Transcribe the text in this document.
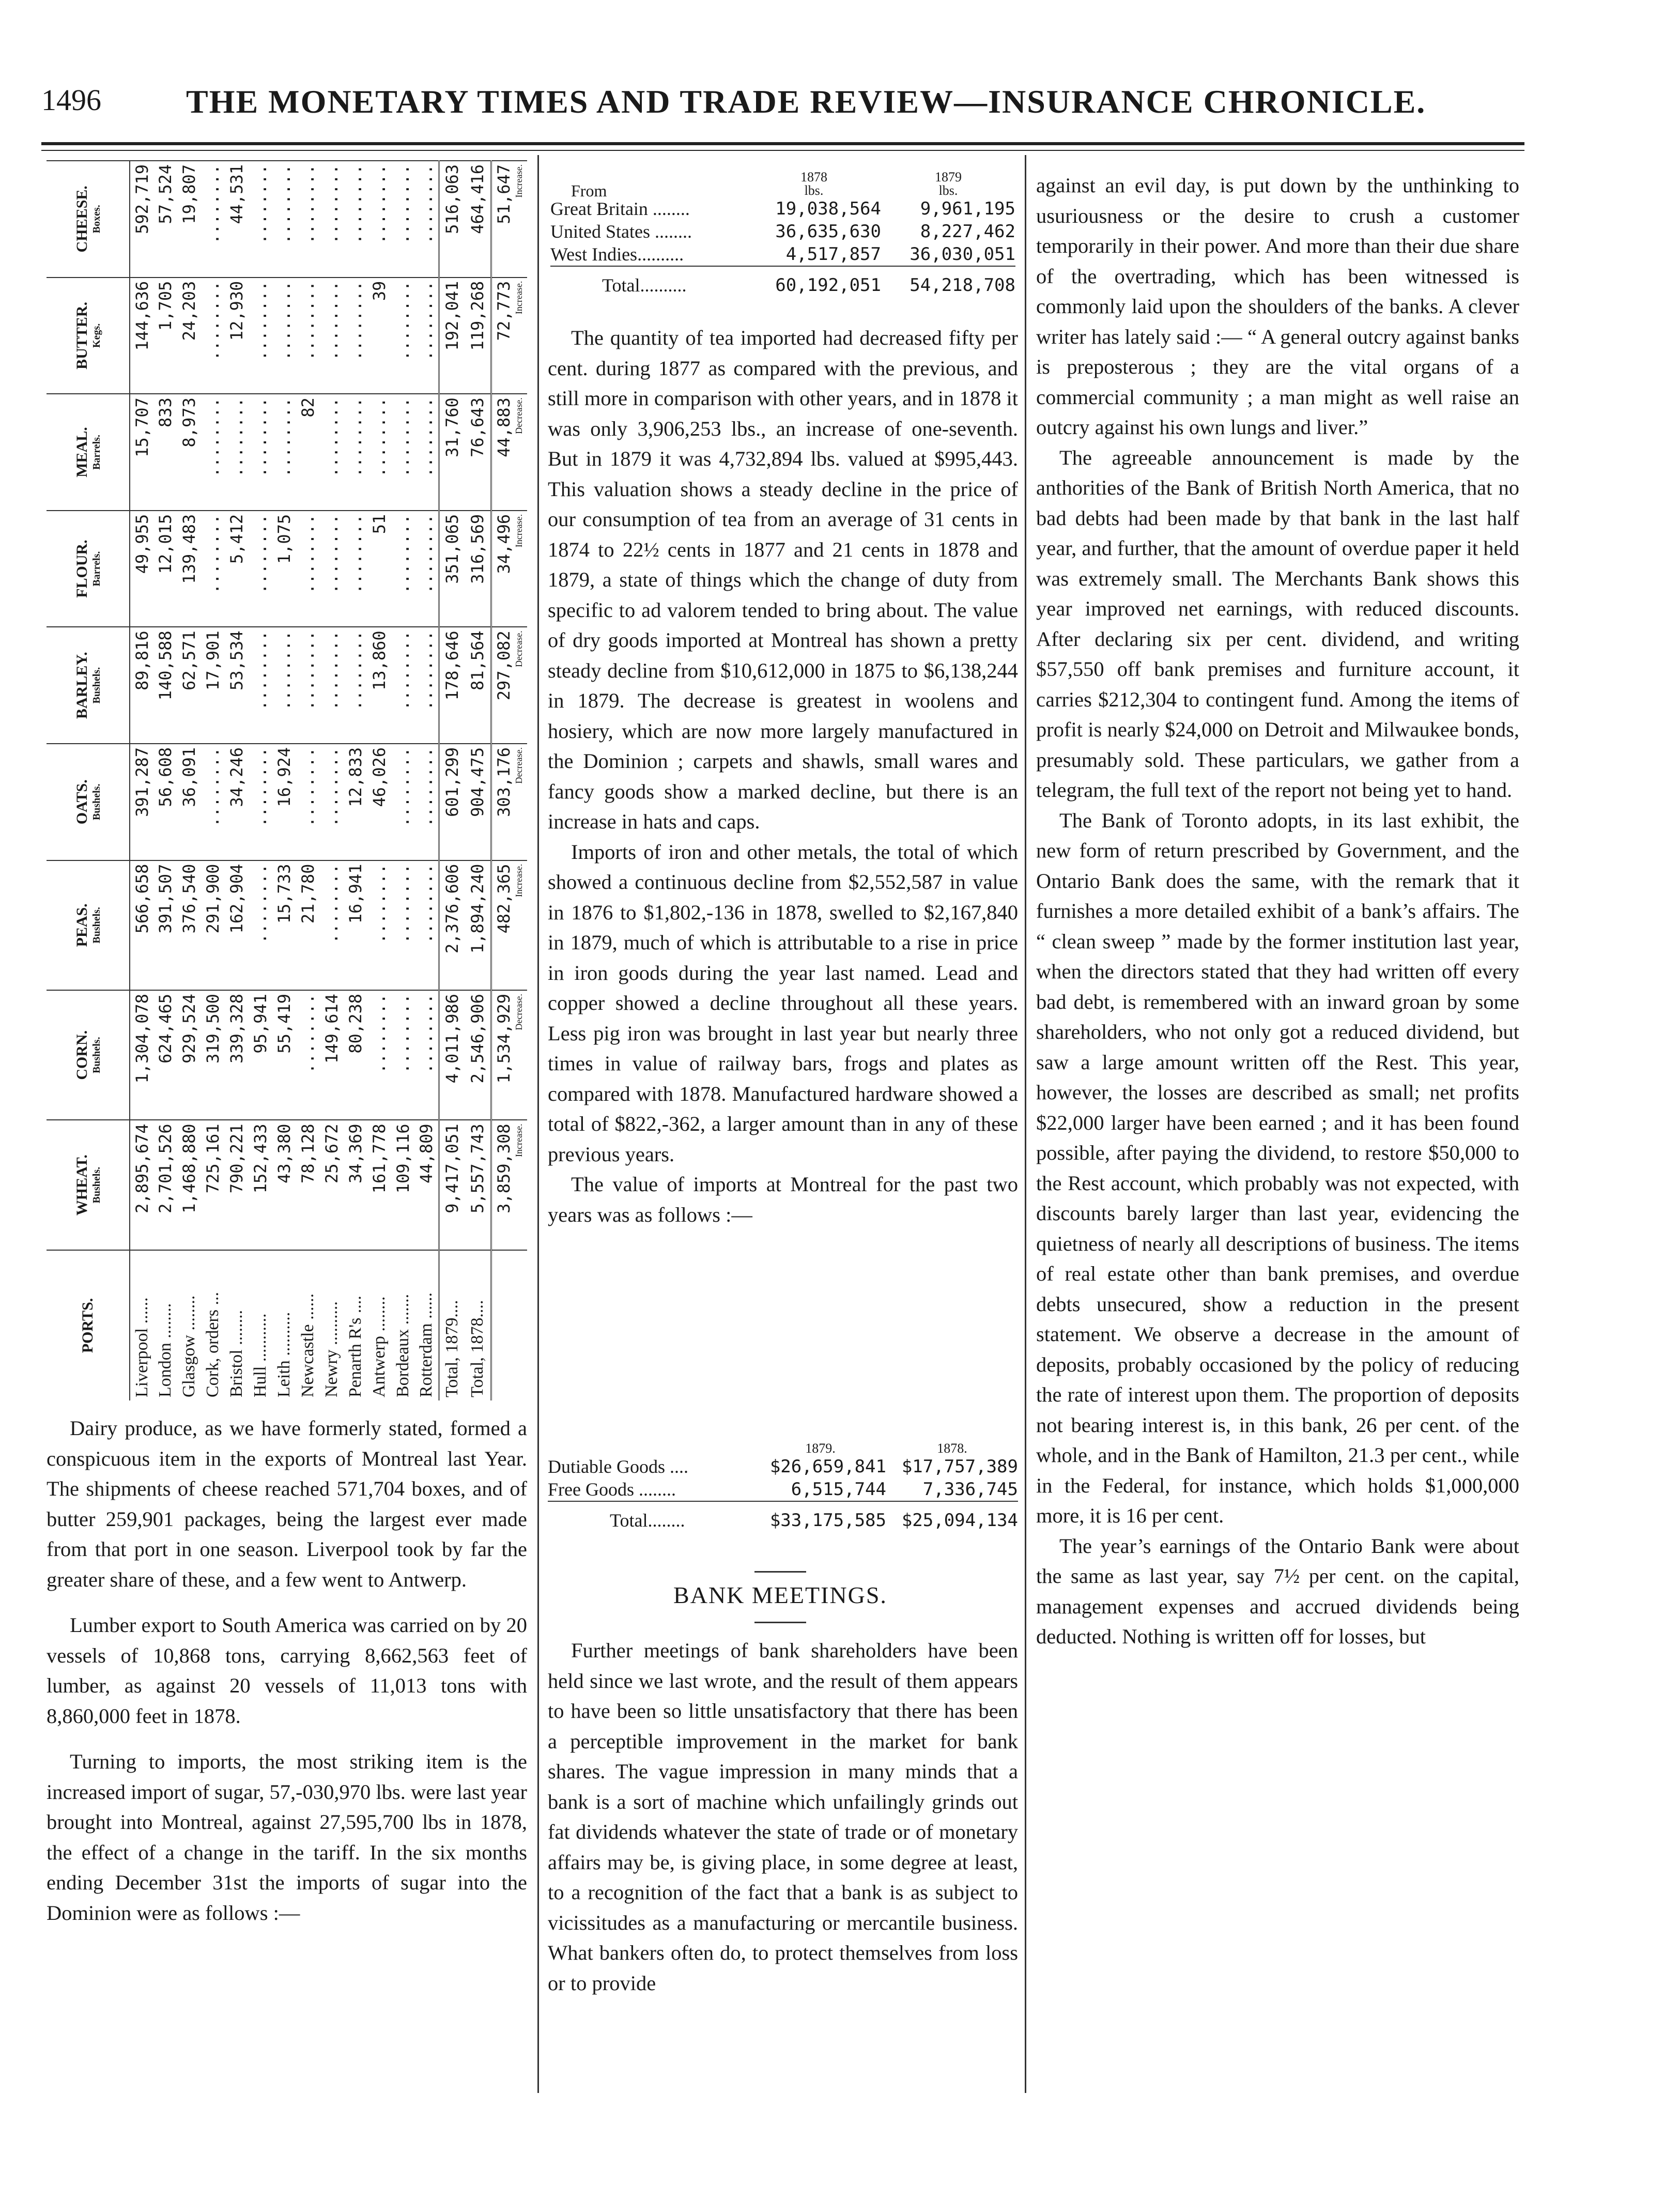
1496	THE MONETARY TIMES AND TRADE REVIEW—INSURANCE CHRONICLE.
PORTS.	WHEAT. Bushels.	CORN. Bushels.	PEAS. Bushels.	OATS. Bushels.	BARLEY. Bushels.	FLOUR. Barrels.	MEAL. Barrels.	BUTTER. Kegs.	CHEESE. Boxes.

Liverpool ......	2,895,674	1,304,078	566,658	391,287	89,816	49,955	15,707	144,636	592,719
London ........	2,701,526	624,465	391,507	56,608	140,588	12,015	833	1,705	57,524
Glasgow ........	1,468,880	929,524	376,540	36,091	62,571	139,483	8,973	24,203	19,807
Cork, orders ...	725,161	319,500	291,900	........	17,901	........	........	........	........
Bristol ........	790,221	339,328	162,904	34,246	53,534	5,412	........	12,930	44,531
Hull ...........	152,433	95,941	........	........	........	........	........	........	........
Leith ..........	43,380	55,419	15,733	16,924	........	1,075	........	........	........
Newcastle ......	78,128	........	21,780	........	........	........	82	........	........
Newry ..........	25,672	149,614	........	........	........	........	........	........	........
Penarth R's ....	34,369	80,238	16,941	12,833	........	........	........	........	........
Antwerp ........	161,778	........	........	46,026	13,860	51	........	39	........
Bordeaux .......	109,116	........	........	........	........	........	........	........	........
Rotterdam ......	44,809	........	........	........	........	........	........	........	........
Total, 1879....	9,417,051	4,011,986	2,376,606	601,299	178,646	351,065	31,760	192,041	516,063
Total, 1878....	5,557,743	2,546,906	1,894,240	904,475	81,564	316,569	76,643	119,268	464,416
	3,859,308 Increase.	1,534,929 Decrease.	482,365 Increase.	303,176 Decrease.	297,082 Decrease.	34,496 Increase.	44,883 Decrease.	72,773 Increase.	51,647 Increase.

Dairy produce, as we have formerly stated, formed a conspicuous item in the exports of Montreal last Year. The shipments of cheese reached 571,704 boxes, and of butter 259,901 packages, being the largest ever made from that port in one season. Liverpool took by far the greater share of these, and a few went to Antwerp.

Lumber export to South America was carried on by 20 vessels of 10,868 tons, carrying 8,662,563 feet of lumber, as against 20 vessels of 11,013 tons with 8,860,000 feet in 1878.

Turning to imports, the most striking item is the increased import of sugar, 57,-030,970 lbs. were last year brought into Montreal, against 27,595,700 lbs in 1878, the effect of a change in the tariff. In the six months ending December 31st the imports of sugar into the Dominion were as follows :—

	1878	1879
From	lbs.	lbs.
Great Britain ........	19,038,564	9,961,195
United States ........	36,635,630	8,227,462
West Indies..........	4,517,857	36,030,051
Total..........	60,192,051	54,218,708

The quantity of tea imported had decreased fifty per cent. during 1877 as compared with the previous, and still more in comparison with other years, and in 1878 it was only 3,906,253 lbs., an increase of one-seventh. But in 1879 it was 4,732,894 lbs. valued at $995,443. This valuation shows a steady decline in the price of our consumption of tea from an average of 31 cents in 1874 to 22½ cents in 1877 and 21 cents in 1878 and 1879, a state of things which the change of duty from specific to ad valorem tended to bring about. The value of dry goods imported at Montreal has shown a pretty steady decline from $10,612,000 in 1875 to $6,138,244 in 1879. The decrease is greatest in woolens and hosiery, which are now more largely manufactured in the Dominion ; carpets and shawls, small wares and fancy goods show a marked decline, but there is an increase in hats and caps.

Imports of iron and other metals, the total of which showed a continuous decline from $2,552,587 in value in 1876 to $1,802,-136 in 1878, swelled to $2,167,840 in 1879, much of which is attributable to a rise in price in iron goods during the year last named. Lead and copper showed a decline throughout all these years. Less pig iron was brought in last year but nearly three times in value of railway bars, frogs and plates as compared with 1878. Manufactured hardware showed a total of $822,-362, a larger amount than in any of these previous years.

The value of imports at Montreal for the past two years was as follows :—

	1879.	1878.
Dutiable Goods ....	$26,659,841	$17,757,389
Free Goods ........	6,515,744	7,336,745
Total........	$33,175,585	$25,094,134
BANK MEETINGS.

Further meetings of bank shareholders have been held since we last wrote, and the result of them appears to have been so little unsatisfactory that there has been a perceptible improvement in the market for bank shares. The vague impression in many minds that a bank is a sort of machine which unfailingly grinds out fat dividends whatever the state of trade or of monetary affairs may be, is giving place, in some degree at least, to a recognition of the fact that a bank is as subject to vicissitudes as a manufacturing or mercantile business. What bankers often do, to protect themselves from loss or to provide

against an evil day, is put down by the unthinking to usuriousness or the desire to crush a customer temporarily in their power. And more than their due share of the overtrading, which has been witnessed is commonly laid upon the shoulders of the banks. A clever writer has lately said :— “ A general outcry against banks is preposterous ; they are the vital organs of a commercial community ; a man might as well raise an outcry against his own lungs and liver.”

The agreeable announcement is made by the anthorities of the Bank of British North America, that no bad debts had been made by that bank in the last half year, and further, that the amount of overdue paper it held was extremely small. The Merchants Bank shows this year improved net earnings, with reduced discounts. After declaring six per cent. dividend, and writing $57,550 off bank premises and furniture account, it carries $212,304 to contingent fund. Among the items of profit is nearly $24,000 on Detroit and Milwaukee bonds, presumably sold. These particulars, we gather from a telegram, the full text of the report not being yet to hand.

The Bank of Toronto adopts, in its last exhibit, the new form of return prescribed by Government, and the Ontario Bank does the same, with the remark that it furnishes a more detailed exhibit of a bank’s affairs. The “ clean sweep ” made by the former institution last year, when the directors stated that they had written off every bad debt, is remembered with an inward groan by some shareholders, who not only got a reduced dividend, but saw a large amount written off the Rest. This year, however, the losses are described as small; net profits $22,000 larger have been earned ; and it has been found possible, after paying the dividend, to restore $50,000 to the Rest account, which probably was not expected, with discounts barely larger than last year, evidencing the quietness of nearly all descriptions of business. The items of real estate other than bank premises, and overdue debts unsecured, show a reduction in the present statement. We observe a decrease in the amount of deposits, probably occasioned by the policy of reducing the rate of interest upon them. The proportion of deposits not bearing interest is, in this bank, 26 per cent. of the whole, and in the Bank of Hamilton, 21.3 per cent., while in the Federal, for instance, which holds $1,000,000 more, it is 16 per cent.

The year’s earnings of the Ontario Bank were about the same as last year, say 7½ per cent. on the capital, management expenses and accrued dividends being deducted. Nothing is written off for losses, but
